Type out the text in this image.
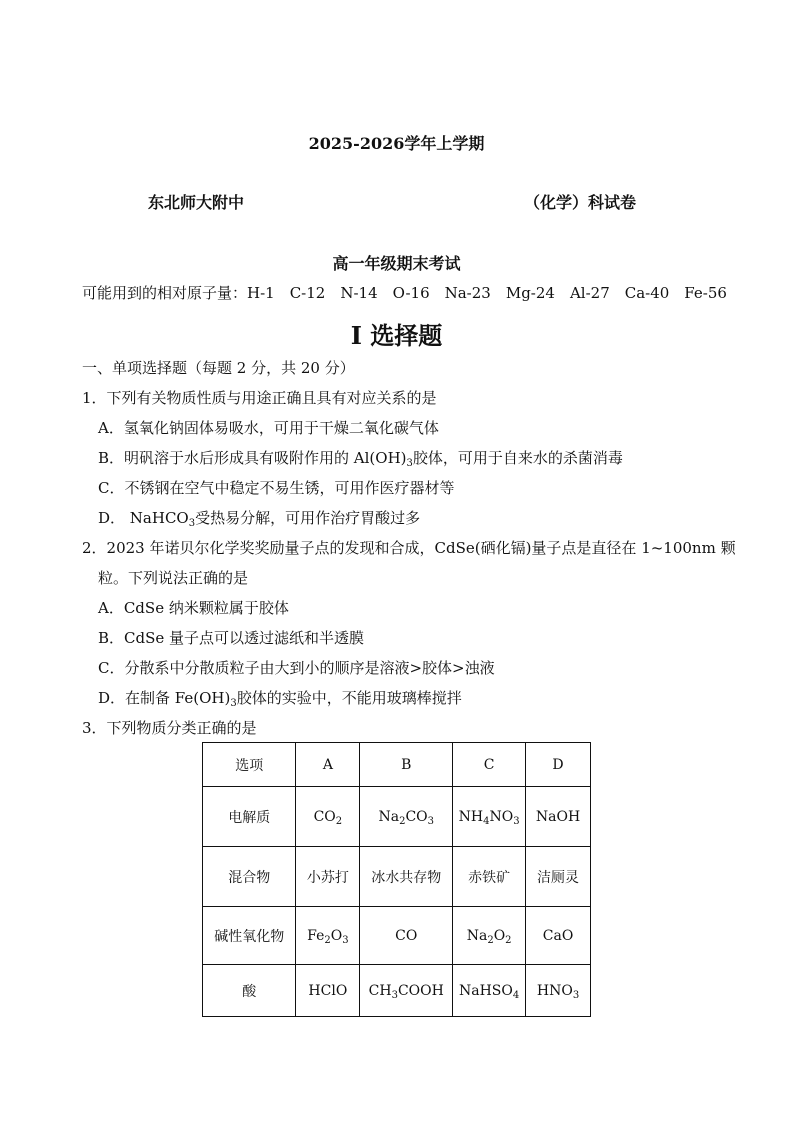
2025-2026学年上学期
东北师大附中	（化学）科试卷
高一年级期末考试
可能用到的相对原子量：H-1　C-12　N-14　O-16　Na-23　Mg-24　Al-27　Ca-40　Fe-56
I 选择题
一、单项选择题（每题 2 分，共 20 分）
1．下列有关物质性质与用途正确且具有对应关系的是
A．氢氧化钠固体易吸水，可用于干燥二氧化碳气体
B．明矾溶于水后形成具有吸附作用的 $Al(OH)_3$胶体，可用于自来水的杀菌消毒
C．不锈钢在空气中稳定不易生锈，可用作医疗器材等
D． NaHCO$_3$受热易分解，可用作治疗胃酸过多
2．2023 年诺贝尔化学奖奖励量子点的发现和合成，CdSe(硒化镉)量子点是直径在 1~100nm 颗
粒。下列说法正确的是
A．CdSe 纳米颗粒属于胶体
B．CdSe 量子点可以透过滤纸和半透膜
C．分散系中分散质粒子由大到小的顺序是溶液>胶体>浊液
D．在制备 $Fe(OH)_3$胶体的实验中，不能用玻璃棒搅拌
3．下列物质分类正确的是
选项	A	B	C	D
电解质	$CO_2$	$Na_2CO_3$	$NH_4NO_3$	NaOH
混合物	小苏打	冰水共存物	赤铁矿	洁厕灵
碱性氧化物	$Fe_2O_3$	CO	$Na_2O_2$	CaO
酸	HClO	$CH_3COOH$	NaHSO$_4$	$HNO_3$
